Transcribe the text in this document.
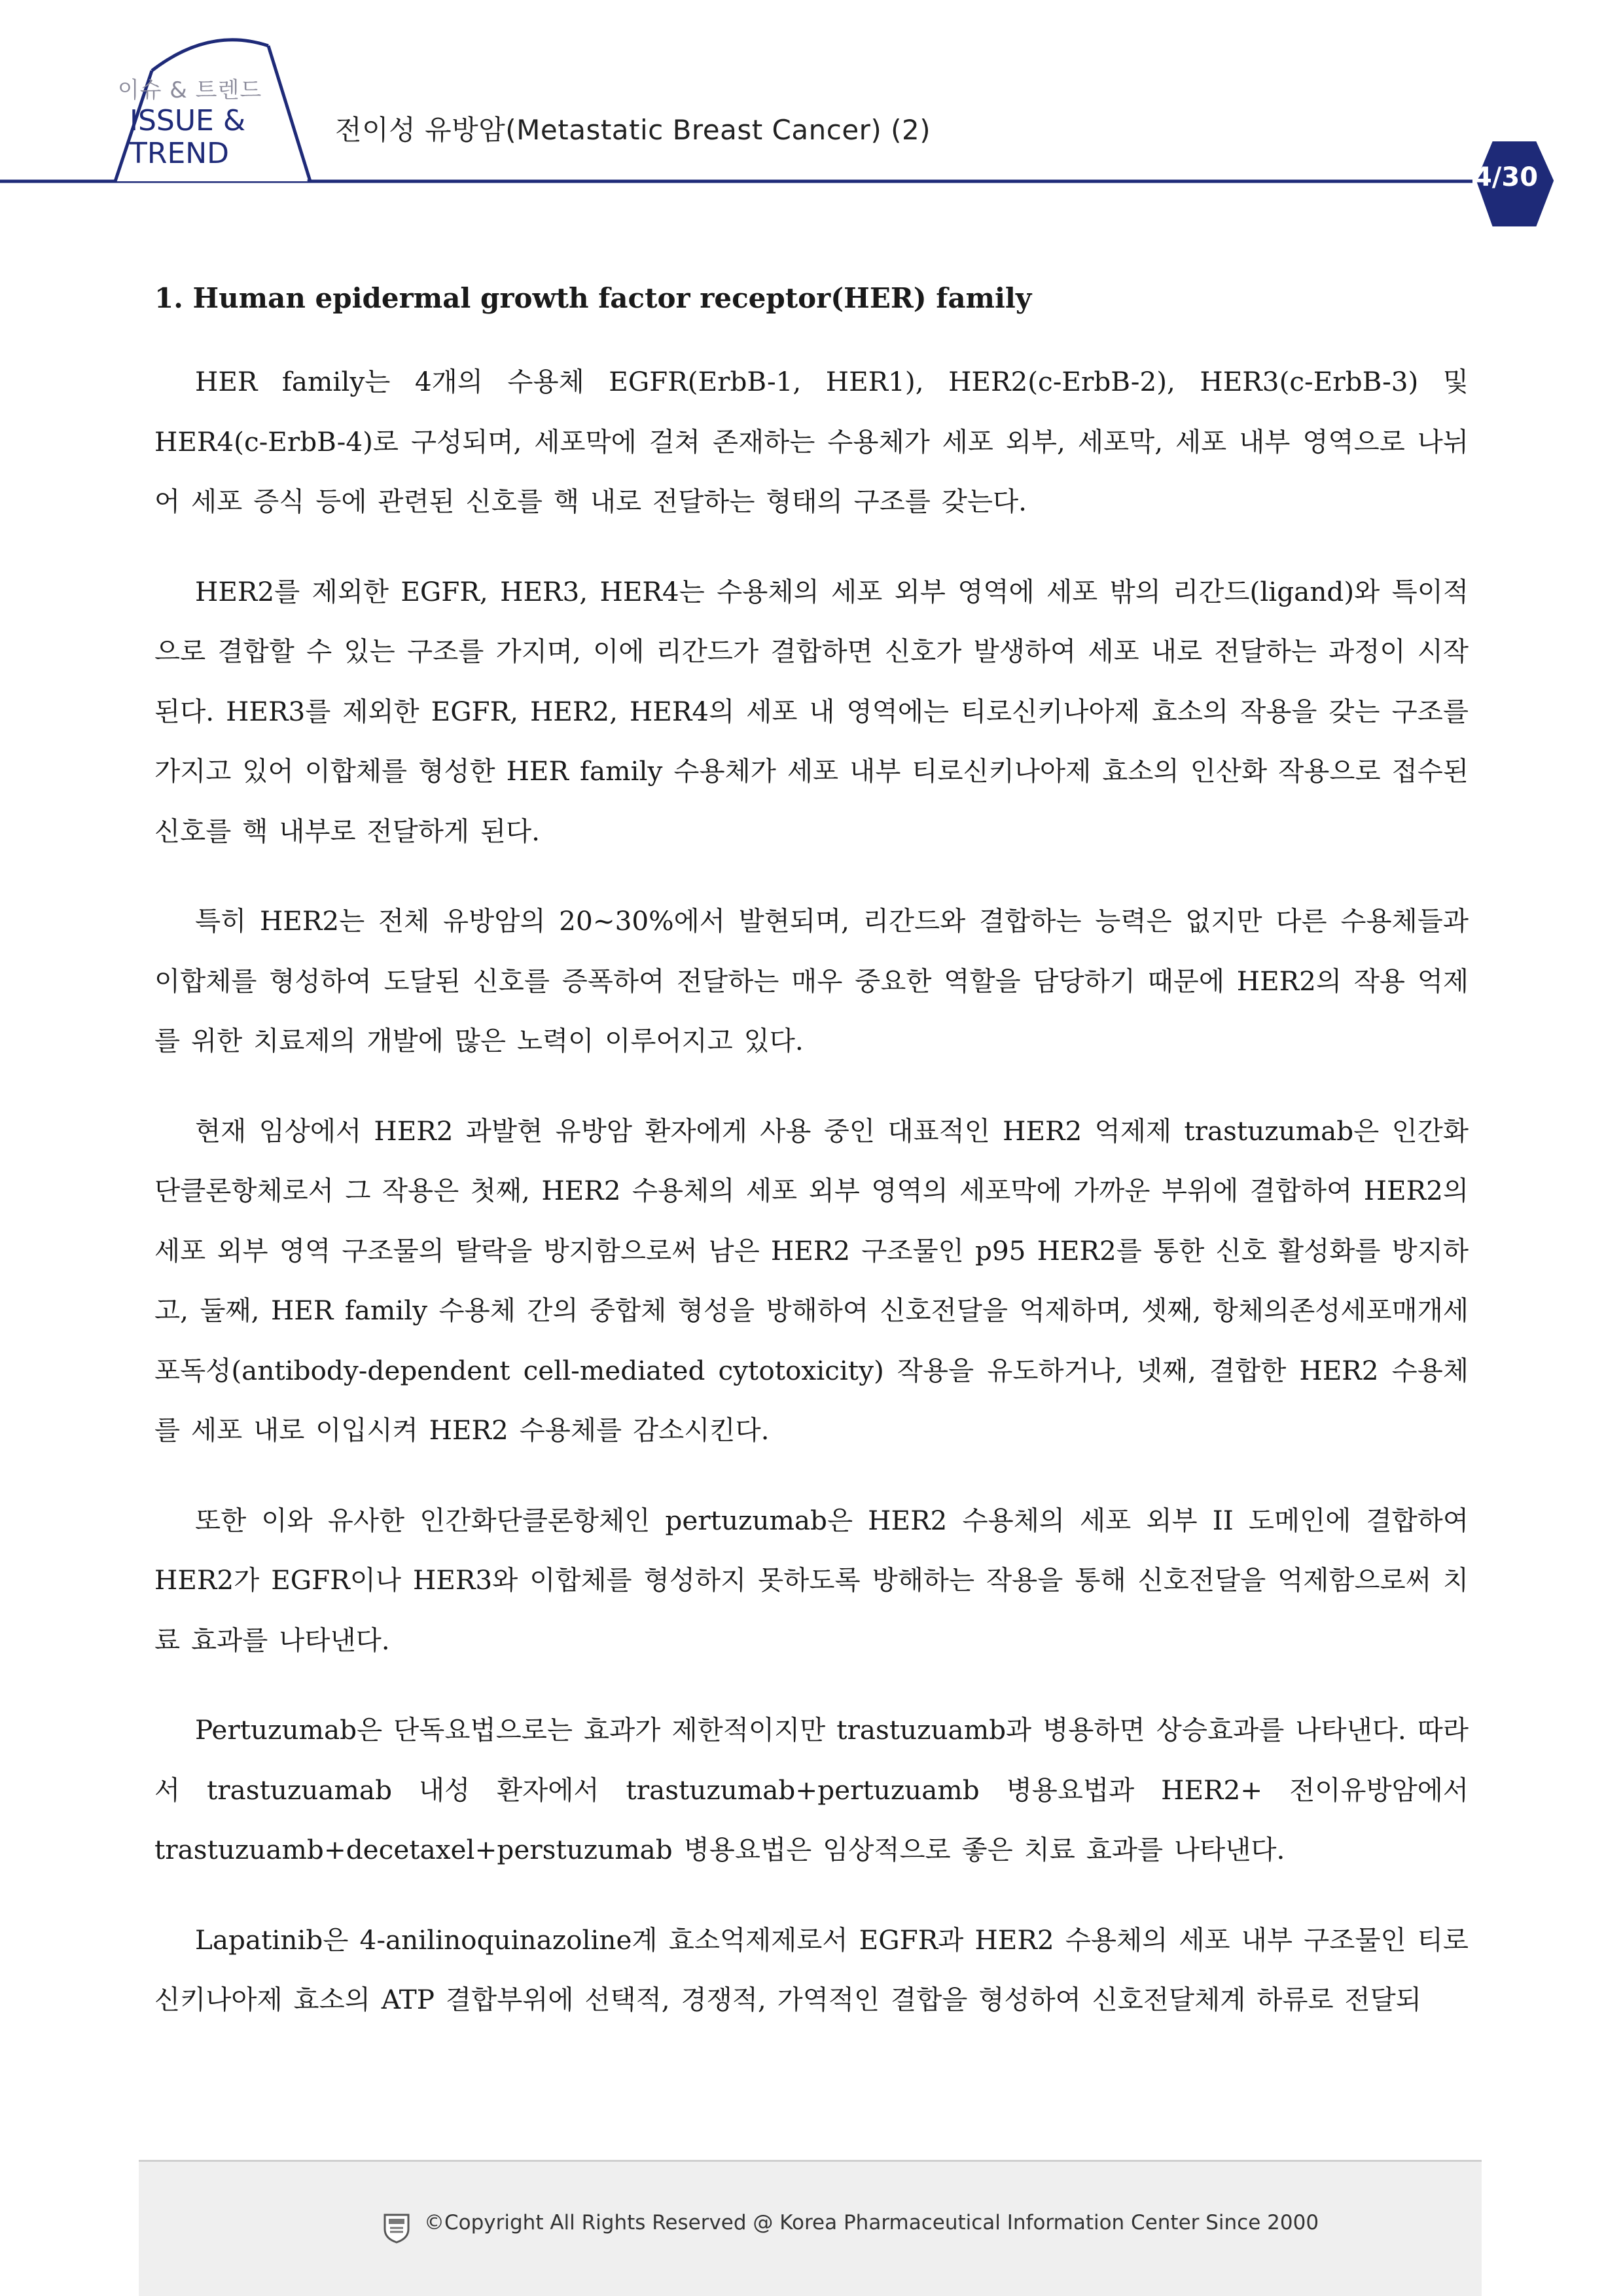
이슈 & 트렌드
ISSUE &
TREND
전이성 유방암(Metastatic Breast Cancer) (2)
4/30
1. Human epidermal growth factor receptor(HER) family

HER family는 4개의 수용체 EGFR(ErbB-1, HER1), HER2(c-ErbB-2), HER3(c-ErbB-3) 및 HER4(c-ErbB-4)로 구성되며, 세포막에 걸쳐 존재하는 수용체가 세포 외부, 세포막, 세포 내부 영역으로 나뉘어 세포 증식 등에 관련된 신호를 핵 내로 전달하는 형태의 구조를 갖는다.

HER2를 제외한 EGFR, HER3, HER4는 수용체의 세포 외부 영역에 세포 밖의 리간드(ligand)와 특이적으로 결합할 수 있는 구조를 가지며, 이에 리간드가 결합하면 신호가 발생하여 세포 내로 전달하는 과정이 시작된다. HER3를 제외한 EGFR, HER2, HER4의 세포 내 영역에는 티로신키나아제 효소의 작용을 갖는 구조를 가지고 있어 이합체를 형성한 HER family 수용체가 세포 내부 티로신키나아제 효소의 인산화 작용으로 접수된 신호를 핵 내부로 전달하게 된다.

특히 HER2는 전체 유방암의 20~30%에서 발현되며, 리간드와 결합하는 능력은 없지만 다른 수용체들과 이합체를 형성하여 도달된 신호를 증폭하여 전달하는 매우 중요한 역할을 담당하기 때문에 HER2의 작용 억제를 위한 치료제의 개발에 많은 노력이 이루어지고 있다.

현재 임상에서 HER2 과발현 유방암 환자에게 사용 중인 대표적인 HER2 억제제 trastuzumab은 인간화단클론항체로서 그 작용은 첫째, HER2 수용체의 세포 외부 영역의 세포막에 가까운 부위에 결합하여 HER2의 세포 외부 영역 구조물의 탈락을 방지함으로써 남은 HER2 구조물인 p95 HER2를 통한 신호 활성화를 방지하고, 둘째, HER family 수용체 간의 중합체 형성을 방해하여 신호전달을 억제하며, 셋째, 항체의존성세포매개세포독성(antibody-dependent cell-mediated cytotoxicity) 작용을 유도하거나, 넷째, 결합한 HER2 수용체를 세포 내로 이입시켜 HER2 수용체를 감소시킨다.

또한 이와 유사한 인간화단클론항체인 pertuzumab은 HER2 수용체의 세포 외부 II 도메인에 결합하여 HER2가 EGFR이나 HER3와 이합체를 형성하지 못하도록 방해하는 작용을 통해 신호전달을 억제함으로써 치료 효과를 나타낸다.

Pertuzumab은 단독요법으로는 효과가 제한적이지만 trastuzuamb과 병용하면 상승효과를 나타낸다. 따라서 trastuzuamab 내성 환자에서 trastuzumab+pertuzuamb 병용요법과 HER2+ 전이유방암에서 trastuzuamb+decetaxel+perstuzumab 병용요법은 임상적으로 좋은 치료 효과를 나타낸다.

Lapatinib은 4-anilinoquinazoline계 효소억제제로서 EGFR과 HER2 수용체의 세포 내부 구조물인 티로신키나아제 효소의 ATP 결합부위에 선택적, 경쟁적, 가역적인 결합을 형성하여 신호전달체계 하류로 전달되

©Copyright All Rights Reserved @ Korea Pharmaceutical Information Center Since 2000
